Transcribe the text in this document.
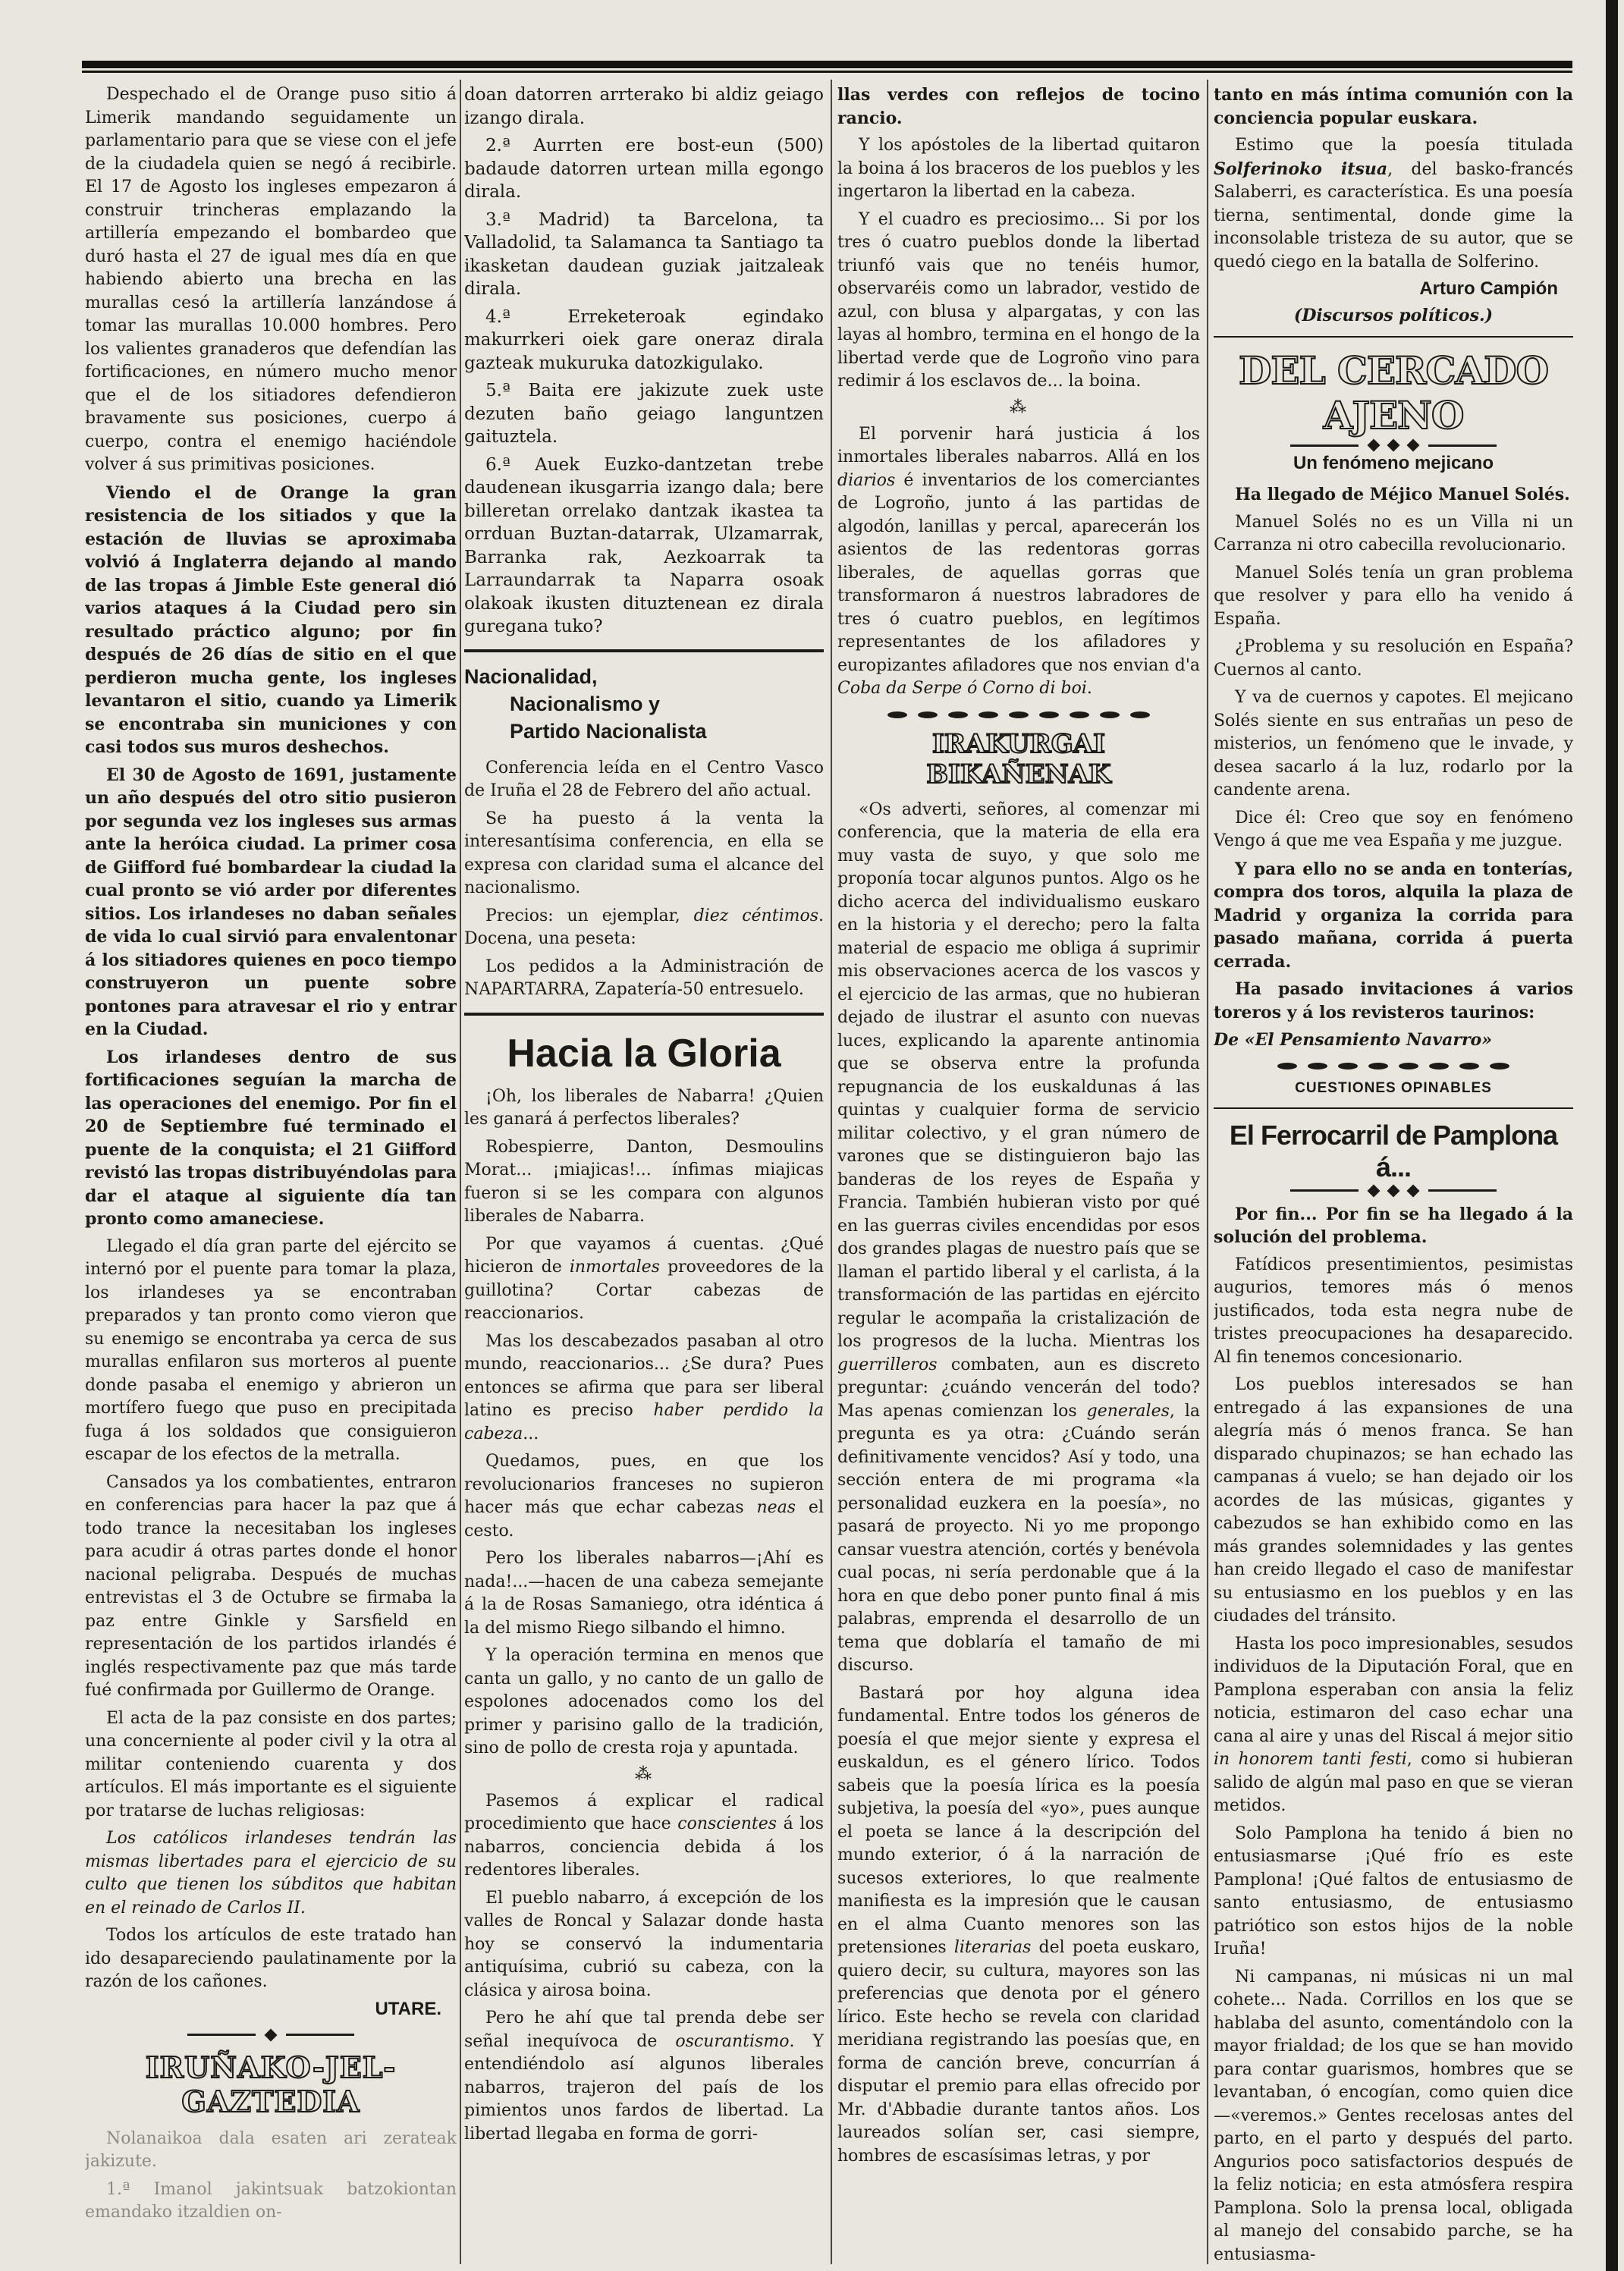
Despechado el de Orange puso sitio á Limerik mandando seguidamente un parlamentario para que se viese con el jefe de la ciudadela quien se negó á recibirle. El 17 de Agosto los ingleses empezaron á construir trincheras emplazando la artillería empezando el bombardeo que duró hasta el 27 de igual mes día en que habiendo abierto una brecha en las murallas cesó la artillería lanzándose á tomar las murallas 10.000 hombres. Pero los valientes granaderos que defendían las fortificaciones, en número mucho menor que el de los sitiadores defendieron bravamente sus posiciones, cuerpo á cuerpo, contra el enemigo haciéndole volver á sus primitivas posiciones.

Viendo el de Orange la gran resistencia de los sitiados y que la estación de lluvias se aproximaba volvió á Inglaterra dejando al mando de las tropas á Jimble Este general dió varios ataques á la Ciudad pero sin resultado práctico alguno; por fin después de 26 días de sitio en el que perdieron mucha gente, los ingleses levantaron el sitio, cuando ya Limerik se encontraba sin municiones y con casi todos sus muros deshechos.

El 30 de Agosto de 1691, justamente un año después del otro sitio pusieron por segunda vez los ingleses sus armas ante la heróica ciudad. La primer cosa de Giifford fué bombardear la ciudad la cual pronto se vió arder por diferentes sitios. Los irlandeses no daban señales de vida lo cual sirvió para envalentonar á los sitiadores quienes en poco tiempo construyeron un puente sobre pontones para atravesar el rio y entrar en la Ciudad.

Los irlandeses dentro de sus fortificaciones seguían la marcha de las operaciones del enemigo. Por fin el 20 de Septiembre fué terminado el puente de la conquista; el 21 Giifford revistó las tropas distribuyéndolas para dar el ataque al siguiente día tan pronto como amaneciese.

Llegado el día gran parte del ejército se internó por el puente para tomar la plaza, los irlandeses ya se encontraban preparados y tan pronto como vieron que su enemigo se encontraba ya cerca de sus murallas enfilaron sus morteros al puente donde pasaba el enemigo y abrieron un mortífero fuego que puso en precipitada fuga á los soldados que consiguieron escapar de los efectos de la metralla.

Cansados ya los combatientes, entraron en conferencias para hacer la paz que á todo trance la necesitaban los ingleses para acudir á otras partes donde el honor nacional peligraba. Después de muchas entrevistas el 3 de Octubre se firmaba la paz entre Ginkle y Sarsfield en representación de los partidos irlandés é inglés respectivamente paz que más tarde fué confirmada por Guillermo de Orange.

El acta de la paz consiste en dos partes; una concerniente al poder civil y la otra al militar conteniendo cuarenta y dos artículos. El más importante es el siguiente por tratarse de luchas religiosas:

Los católicos irlandeses tendrán las mismas libertades para el ejercicio de su culto que tienen los súbditos que habitan en el reinado de Carlos II.

Todos los artículos de este tratado han ido desapareciendo paulatinamente por la razón de los cañones.

UTARE.
IRUÑAKO-JEL-GAZTEDIA

Nolanaikoa dala esaten ari zerateak jakizute.

1.ª Imanol jakintsuak batzokiontan emandako itzaldien on-

doan datorren arrterako bi aldiz geiago izango dirala.

2.ª Aurrten ere bost-eun (500) badaude datorren urtean milla egongo dirala.

3.ª Madrid) ta Barcelona, ta Valladolid, ta Salamanca ta Santiago ta ikasketan daudean guziak jaitzaleak dirala.

4.ª Erreketeroak egindako makurrkeri oiek gare oneraz dirala gazteak mukuruka datozkigulako.

5.ª Baita ere jakizute zuek uste dezuten baño geiago languntzen gaituztela.

6.ª Auek Euzko-dantzetan trebe daudenean ikusgarria izango dala; bere billeretan orrelako dantzak ikastea ta orrduan Buztan-datarrak, Ulzamarrak, Barranka rak, Aezkoarrak ta Larraundarrak ta Naparra osoak olakoak ikusten dituztenean ez dirala guregana tuko?

Nacionalidad,
Nacionalismo y
Partido Nacionalista

Conferencia leída en el Centro Vasco de Iruña el 28 de Febrero del año actual.

Se ha puesto á la venta la interesantísima conferencia, en ella se expresa con claridad suma el alcance del nacionalismo.

Precios: un ejemplar, diez céntimos. Docena, una peseta:

Los pedidos a la Administración de NAPARTARRA, Zapatería-50 entresuelo.

Hacia la Gloria

¡Oh, los liberales de Nabarra! ¿Quien les ganará á perfectos liberales?

Robespierre, Danton, Desmoulins Morat... ¡miajicas!... ínfimas miajicas fueron si se les compara con algunos liberales de Nabarra.

Por que vayamos á cuentas. ¿Qué hicieron de inmortales proveedores de la guillotina? Cortar cabezas de reaccionarios.

Mas los descabezados pasaban al otro mundo, reaccionarios... ¿Se dura? Pues entonces se afirma que para ser liberal latino es preciso haber perdido la cabeza...

Quedamos, pues, en que los revolucionarios franceses no supieron hacer más que echar cabezas neas el cesto.

Pero los liberales nabarros—¡Ahí es nada!...—hacen de una cabeza semejante á la de Rosas Samaniego, otra idéntica á la del mismo Riego silbando el himno.

Y la operación termina en menos que canta un gallo, y no canto de un gallo de espolones adocenados como los del primer y parisino gallo de la tradición, sino de pollo de cresta roja y apuntada.

⁂

Pasemos á explicar el radical procedimiento que hace conscientes á los nabarros, conciencia debida á los redentores liberales.

El pueblo nabarro, á excepción de los valles de Roncal y Salazar donde hasta hoy se conservó la indumentaria antiquísima, cubrió su cabeza, con la clásica y airosa boina.

Pero he ahí que tal prenda debe ser señal inequívoca de oscurantismo. Y entendiéndolo así algunos liberales nabarros, trajeron del país de los pimientos unos fardos de libertad. La libertad llegaba en forma de gorri-

llas verdes con reflejos de tocino rancio.

Y los apóstoles de la libertad quitaron la boina á los braceros de los pueblos y les ingertaron la libertad en la cabeza.

Y el cuadro es preciosimo... Si por los tres ó cuatro pueblos donde la libertad triunfó vais que no tenéis humor, observaréis como un labrador, vestido de azul, con blusa y alpargatas, y con las layas al hombro, termina en el hongo de la libertad verde que de Logroño vino para redimir á los esclavos de... la boina.

⁂

El porvenir hará justicia á los inmortales liberales nabarros. Allá en los diarios é inventarios de los comerciantes de Logroño, junto á las partidas de algodón, lanillas y percal, aparecerán los asientos de las redentoras gorras liberales, de aquellas gorras que transformaron á nuestros labradores de tres ó cuatro pueblos, en legítimos representantes de los afiladores y europizantes afiladores que nos envian d'a Coba da Serpe ó Corno di boi.

IRAKURGAI BIKAÑENAK

«Os adverti, señores, al comenzar mi conferencia, que la materia de ella era muy vasta de suyo, y que solo me proponía tocar algunos puntos. Algo os he dicho acerca del individualismo euskaro en la historia y el derecho; pero la falta material de espacio me obliga á suprimir mis observaciones acerca de los vascos y el ejercicio de las armas, que no hubieran dejado de ilustrar el asunto con nuevas luces, explicando la aparente antinomia que se observa entre la profunda repugnancia de los euskaldunas á las quintas y cualquier forma de servicio militar colectivo, y el gran número de varones que se distinguieron bajo las banderas de los reyes de España y Francia. También hubieran visto por qué en las guerras civiles encendidas por esos dos grandes plagas de nuestro país que se llaman el partido liberal y el carlista, á la transformación de las partidas en ejército regular le acompaña la cristalización de los progresos de la lucha. Mientras los guerrilleros combaten, aun es discreto preguntar: ¿cuándo vencerán del todo? Mas apenas comienzan los generales, la pregunta es ya otra: ¿Cuándo serán definitivamente vencidos? Así y todo, una sección entera de mi programa «la personalidad euzkera en la poesía», no pasará de proyecto. Ni yo me propongo cansar vuestra atención, cortés y benévola cual pocas, ni sería perdonable que á la hora en que debo poner punto final á mis palabras, emprenda el desarrollo de un tema que doblaría el tamaño de mi discurso.

Bastará por hoy alguna idea fundamental. Entre todos los géneros de poesía el que mejor siente y expresa el euskaldun, es el género lírico. Todos sabeis que la poesía lírica es la poesía subjetiva, la poesía del «yo», pues aunque el poeta se lance á la descripción del mundo exterior, ó á la narración de sucesos exteriores, lo que realmente manifiesta es la impresión que le causan en el alma Cuanto menores son las pretensiones literarias del poeta euskaro, quiero decir, su cultura, mayores son las preferencias que denota por el género lírico. Este hecho se revela con claridad meridiana registrando las poesías que, en forma de canción breve, concurrían á disputar el premio para ellas ofrecido por Mr. d'Abbadie durante tantos años. Los laureados solían ser, casi siempre, hombres de escasísimas letras, y por

tanto en más íntima comunión con la conciencia popular euskara.

Estimo que la poesía titulada Solferinoko itsua, del basko-francés Salaberri, es característica. Es una poesía tierna, sentimental, donde gime la inconsolable tristeza de su autor, que se quedó ciego en la batalla de Solferino.

Arturo Campión
(Discursos políticos.)
DEL CERCADO AJENO
Un fenómeno mejicano

Ha llegado de Méjico Manuel Solés.

Manuel Solés no es un Villa ni un Carranza ni otro cabecilla revolucionario.

Manuel Solés tenía un gran problema que resolver y para ello ha venido á España.

¿Problema y su resolución en España? Cuernos al canto.

Y va de cuernos y capotes. El mejicano Solés siente en sus entrañas un peso de misterios, un fenómeno que le invade, y desea sacarlo á la luz, rodarlo por la candente arena.

Dice él: Creo que soy en fenómeno Vengo á que me vea España y me juzgue.

Y para ello no se anda en tonterías, compra dos toros, alquila la plaza de Madrid y organiza la corrida para pasado mañana, corrida á puerta cerrada.

Ha pasado invitaciones á varios toreros y á los revisteros taurinos:

De «El Pensamiento Navarro»

CUESTIONES OPINABLES
El Ferrocarril de Pamplona á...

Por fin... Por fin se ha llegado á la solución del problema.

Fatídicos presentimientos, pesimistas augurios, temores más ó menos justificados, toda esta negra nube de tristes preocupaciones ha desaparecido. Al fin tenemos concesionario.

Los pueblos interesados se han entregado á las expansiones de una alegría más ó menos franca. Se han disparado chupinazos; se han echado las campanas á vuelo; se han dejado oir los acordes de las músicas, gigantes y cabezudos se han exhibido como en las más grandes solemnidades y las gentes han creido llegado el caso de manifestar su entusiasmo en los pueblos y en las ciudades del tránsito.

Hasta los poco impresionables, sesudos individuos de la Diputación Foral, que en Pamplona esperaban con ansia la feliz noticia, estimaron del caso echar una cana al aire y unas del Riscal á mejor sitio in honorem tanti festi, como si hubieran salido de algún mal paso en que se vieran metidos.

Solo Pamplona ha tenido á bien no entusiasmarse ¡Qué frío es este Pamplona! ¡Qué faltos de entusiasmo de santo entusiasmo, de entusiasmo patriótico son estos hijos de la noble Iruña!

Ni campanas, ni músicas ni un mal cohete... Nada. Corrillos en los que se hablaba del asunto, comentándolo con la mayor frialdad; de los que se han movido para contar guarismos, hombres que se levantaban, ó encogían, como quien dice—«veremos.» Gentes recelosas antes del parto, en el parto y después del parto. Angurios poco satisfactorios después de la feliz noticia; en esta atmósfera respira Pamplona. Solo la prensa local, obligada al manejo del consabido parche, se ha entusiasma-
